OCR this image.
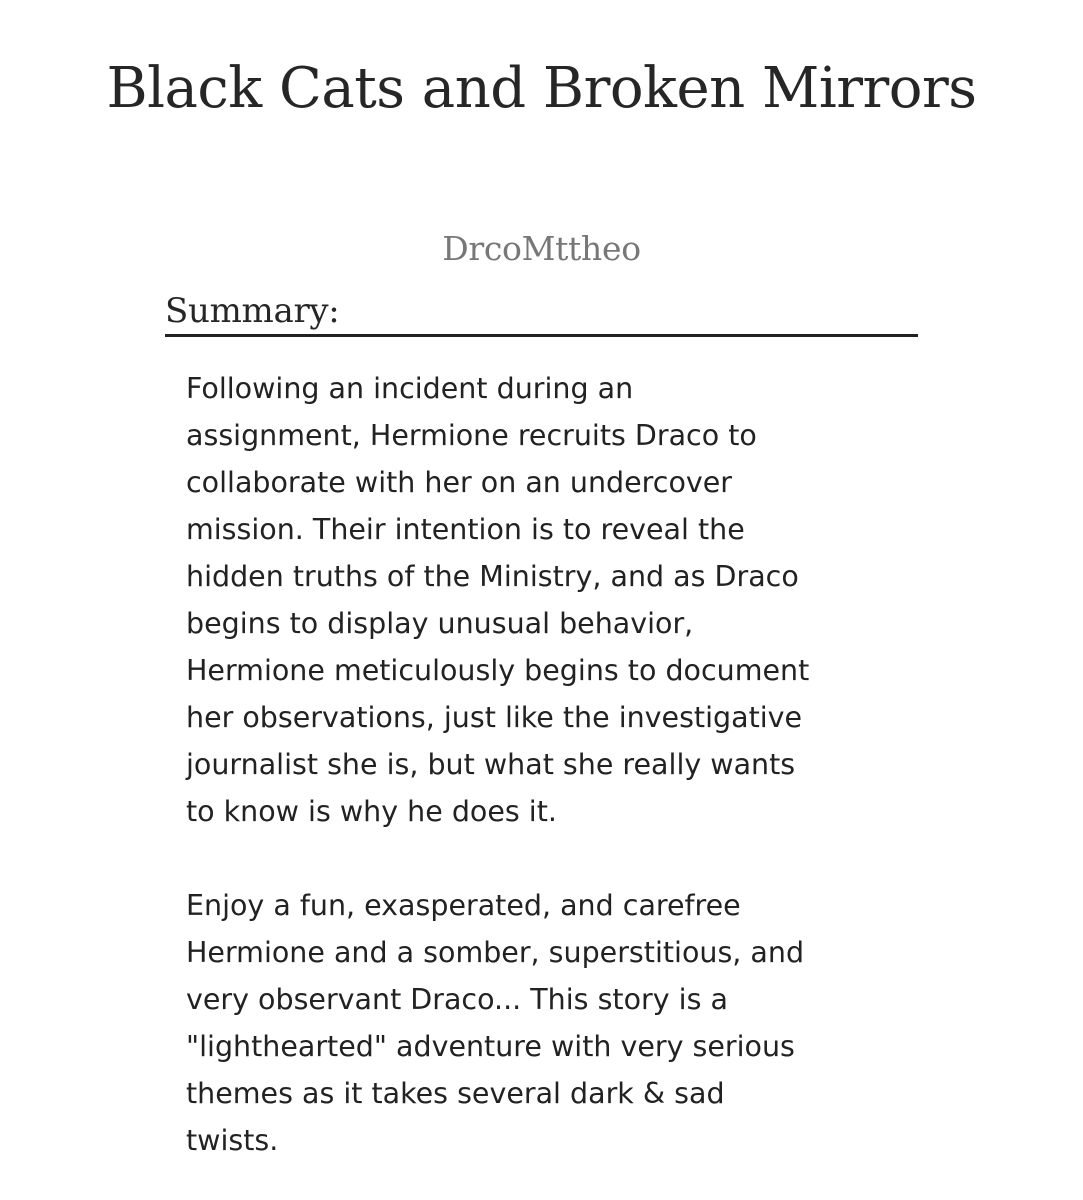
Black Cats and Broken Mirrors
DrcoMttheo
Summary:

Following an incident during an
assignment, Hermione recruits Draco to
collaborate with her on an undercover
mission. Their intention is to reveal the
hidden truths of the Ministry, and as Draco
begins to display unusual behavior,
Hermione meticulously begins to document
her observations, just like the investigative
journalist she is, but what she really wants
to know is why he does it.

Enjoy a fun, exasperated, and carefree
Hermione and a somber, superstitious, and
very observant Draco... This story is a
"lighthearted" adventure with very serious
themes as it takes several dark & sad
twists.
